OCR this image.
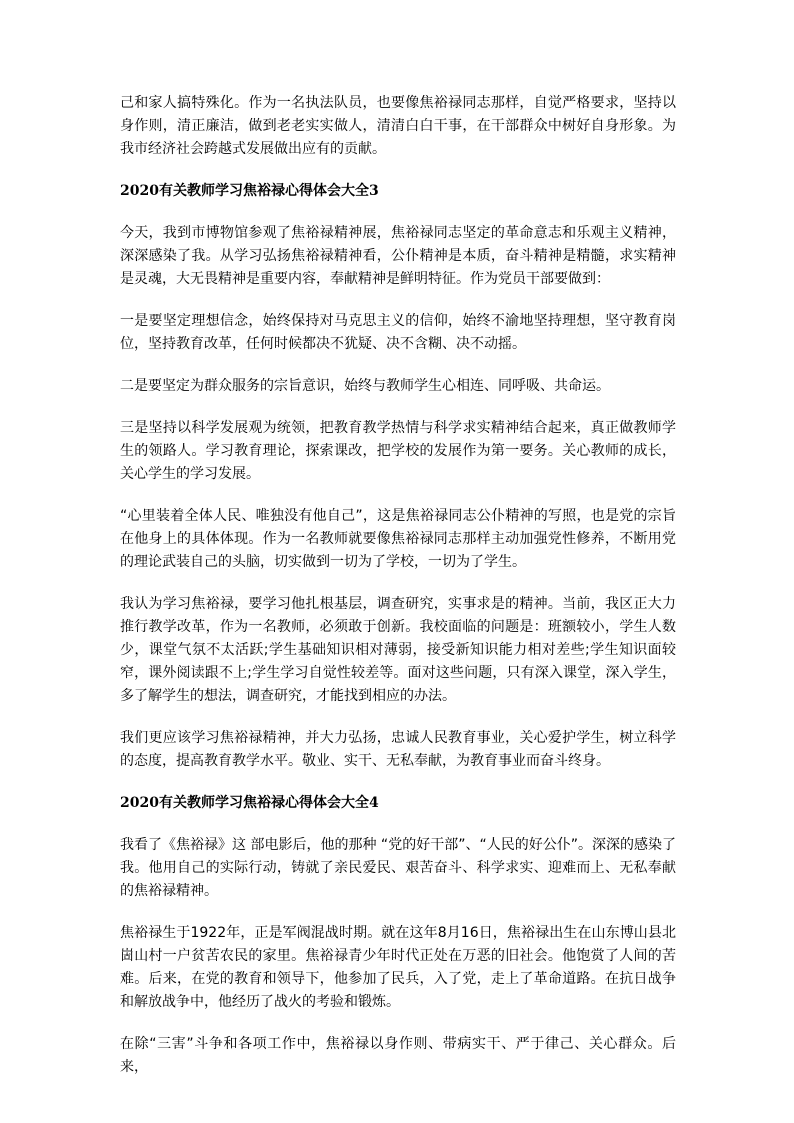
己和家人搞特殊化。作为一名执法队员，也要像焦裕禄同志那样，自觉严格要求，坚持以身作则，清正廉洁，做到老老实实做人，清清白白干事，在干部群众中树好自身形象。为我市经济社会跨越式发展做出应有的贡献。

2020有关教师学习焦裕禄心得体会大全3

今天，我到市博物馆参观了焦裕禄精神展，焦裕禄同志坚定的革命意志和乐观主义精神，深深感染了我。从学习弘扬焦裕禄精神看，公仆精神是本质，奋斗精神是精髓，求实精神是灵魂，大无畏精神是重要内容，奉献精神是鲜明特征。作为党员干部要做到：

一是要坚定理想信念，始终保持对马克思主义的信仰，始终不渝地坚持理想，坚守教育岗位，坚持教育改革，任何时候都决不犹疑、决不含糊、决不动摇。

二是要坚定为群众服务的宗旨意识，始终与教师学生心相连、同呼吸、共命运。

三是坚持以科学发展观为统领，把教育教学热情与科学求实精神结合起来，真正做教师学生的领路人。学习教育理论，探索课改，把学校的发展作为第一要务。关心教师的成长，关心学生的学习发展。

“心里装着全体人民、唯独没有他自己”，这是焦裕禄同志公仆精神的写照，也是党的宗旨在他身上的具体体现。作为一名教师就要像焦裕禄同志那样主动加强党性修养，不断用党的理论武装自己的头脑，切实做到一切为了学校，一切为了学生。

我认为学习焦裕禄，要学习他扎根基层，调查研究，实事求是的精神。当前，我区正大力推行教学改革，作为一名教师，必须敢于创新。我校面临的问题是：班额较小，学生人数少，课堂气氛不太活跃;学生基础知识相对薄弱，接受新知识能力相对差些;学生知识面较窄，课外阅读跟不上;学生学习自觉性较差等。面对这些问题，只有深入课堂，深入学生，多了解学生的想法，调查研究，才能找到相应的办法。

我们更应该学习焦裕禄精神，并大力弘扬，忠诚人民教育事业，关心爱护学生，树立科学的态度，提高教育教学水平。敬业、实干、无私奉献，为教育事业而奋斗终身。

2020有关教师学习焦裕禄心得体会大全4

我看了《焦裕禄》这 部电影后，他的那种 “党的好干部”、“人民的好公仆”。深深的感染了我。他用自己的实际行动，铸就了亲民爱民、艰苦奋斗、科学求实、迎难而上、无私奉献的焦裕禄精神。

焦裕禄生于1922年，正是军阀混战时期。就在这年8月16日，焦裕禄出生在山东博山县北崮山村一户贫苦农民的家里。焦裕禄青少年时代正处在万恶的旧社会。他饱赏了人间的苦难。后来，在党的教育和领导下，他参加了民兵，入了党，走上了革命道路。在抗日战争和解放战争中，他经历了战火的考验和锻炼。

在除“三害”斗争和各项工作中，焦裕禄以身作则、带病实干、严于律己、关心群众。后来，
